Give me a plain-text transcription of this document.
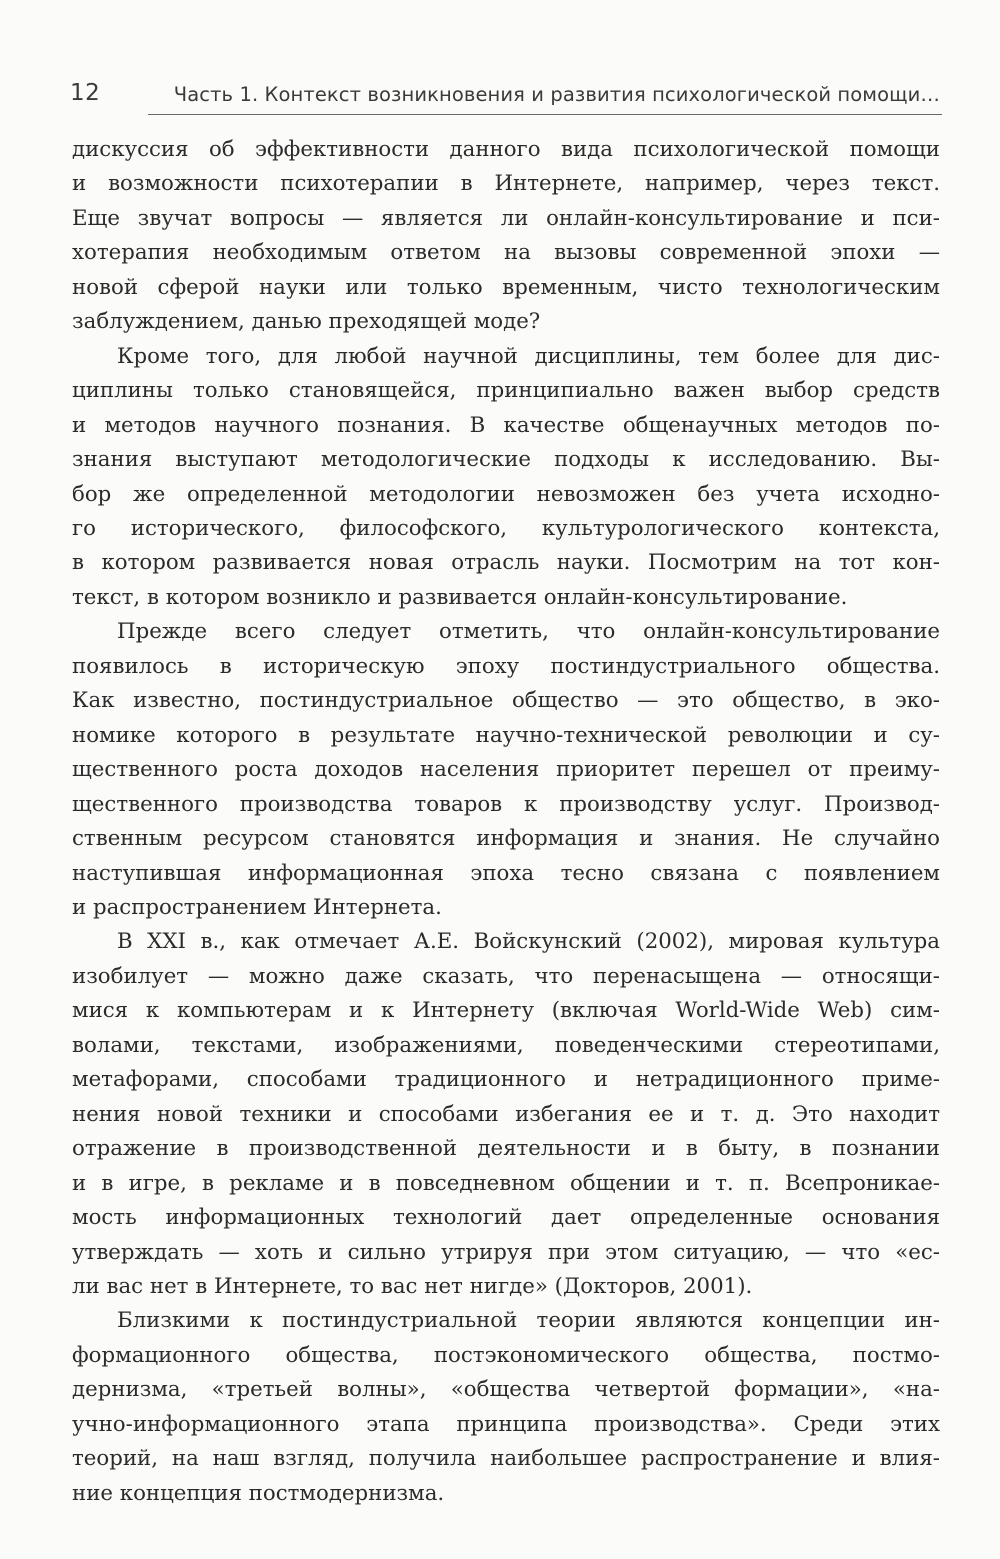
12	Часть 1. Контекст возникновения и развития психологической помощи…

дискуссия об эффективности данного вида психологической помощи
и возможности психотерапии в Интернете, например, через текст.
Еще звучат вопросы — является ли онлайн-консультирование и пси-
хотерапия необходимым ответом на вызовы современной эпохи —
новой сферой науки или только временным, чисто технологическим
заблуждением, данью преходящей моде?

Кроме того, для любой научной дисциплины, тем более для дис-
циплины только становящейся, принципиально важен выбор средств
и методов научного познания. В качестве общенаучных методов по-
знания выступают методологические подходы к исследованию. Вы-
бор же определенной методологии невозможен без учета исходно-
го исторического, философского, культурологического контекста,
в котором развивается новая отрасль науки. Посмотрим на тот кон-
текст, в котором возникло и развивается онлайн-консультирование.

Прежде всего следует отметить, что онлайн-консультирование
появилось в историческую эпоху постиндустриального общества.
Как известно, постиндустриальное общество — это общество, в эко-
номике которого в результате научно-технической революции и су-
щественного роста доходов населения приоритет перешел от преиму-
щественного производства товаров к производству услуг. Производ-
ственным ресурсом становятся информация и знания. Не случайно
наступившая информационная эпоха тесно связана с появлением
и распространением Интернета.

В XXI в., как отмечает А.Е. Войскунский (2002), мировая культура
изобилует — можно даже сказать, что перенасыщена — относящи-
мися к компьютерам и к Интернету (включая World-Wide Web) сим-
волами, текстами, изображениями, поведенческими стереотипами,
метафорами, способами традиционного и нетрадиционного приме-
нения новой техники и способами избегания ее и т. д. Это находит
отражение в производственной деятельности и в быту, в познании
и в игре, в рекламе и в повседневном общении и т. п. Всепроникае-
мость информационных технологий дает определенные основания
утверждать — хоть и сильно утрируя при этом ситуацию, — что «ес-
ли вас нет в Интернете, то вас нет нигде» (Докторов, 2001).

Близкими к постиндустриальной теории являются концепции ин-
формационного общества, постэкономического общества, постмо-
дернизма, «третьей волны», «общества четвертой формации», «на-
учно-информационного этапа принципа производства». Среди этих
теорий, на наш взгляд, получила наибольшее распространение и влия-
ние концепция постмодернизма.
